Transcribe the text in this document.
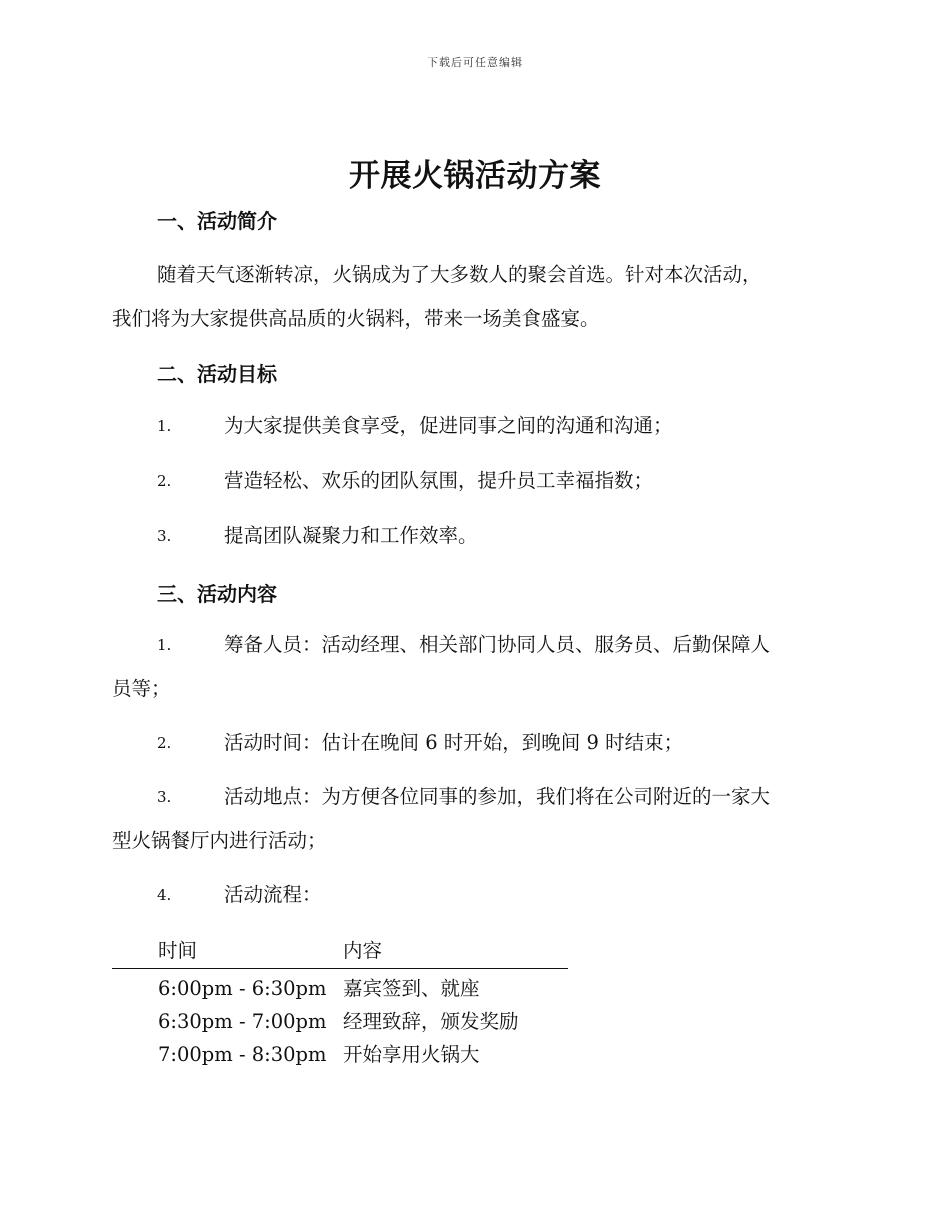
下载后可任意编辑
开展火锅活动方案
一、活动简介
随着天气逐渐转凉，火锅成为了大多数人的聚会首选。针对本次活动，
我们将为大家提供高品质的火锅料，带来一场美食盛宴。
二、活动目标
1.	为大家提供美食享受，促进同事之间的沟通和沟通；
2.	营造轻松、欢乐的团队氛围，提升员工幸福指数；
3.	提高团队凝聚力和工作效率。
三、活动内容
1.	筹备人员：活动经理、相关部门协同人员、服务员、后勤保障人
员等；
2.	活动时间：估计在晚间 6 时开始，到晚间 9 时结束；
3.	活动地点：为方便各位同事的参加，我们将在公司附近的一家大
型火锅餐厅内进行活动；
4.	活动流程：
时间	内容
6:00pm - 6:30pm 嘉宾签到、就座
6:30pm - 7:00pm 经理致辞，颁发奖励
7:00pm - 8:30pm 开始享用火锅大
